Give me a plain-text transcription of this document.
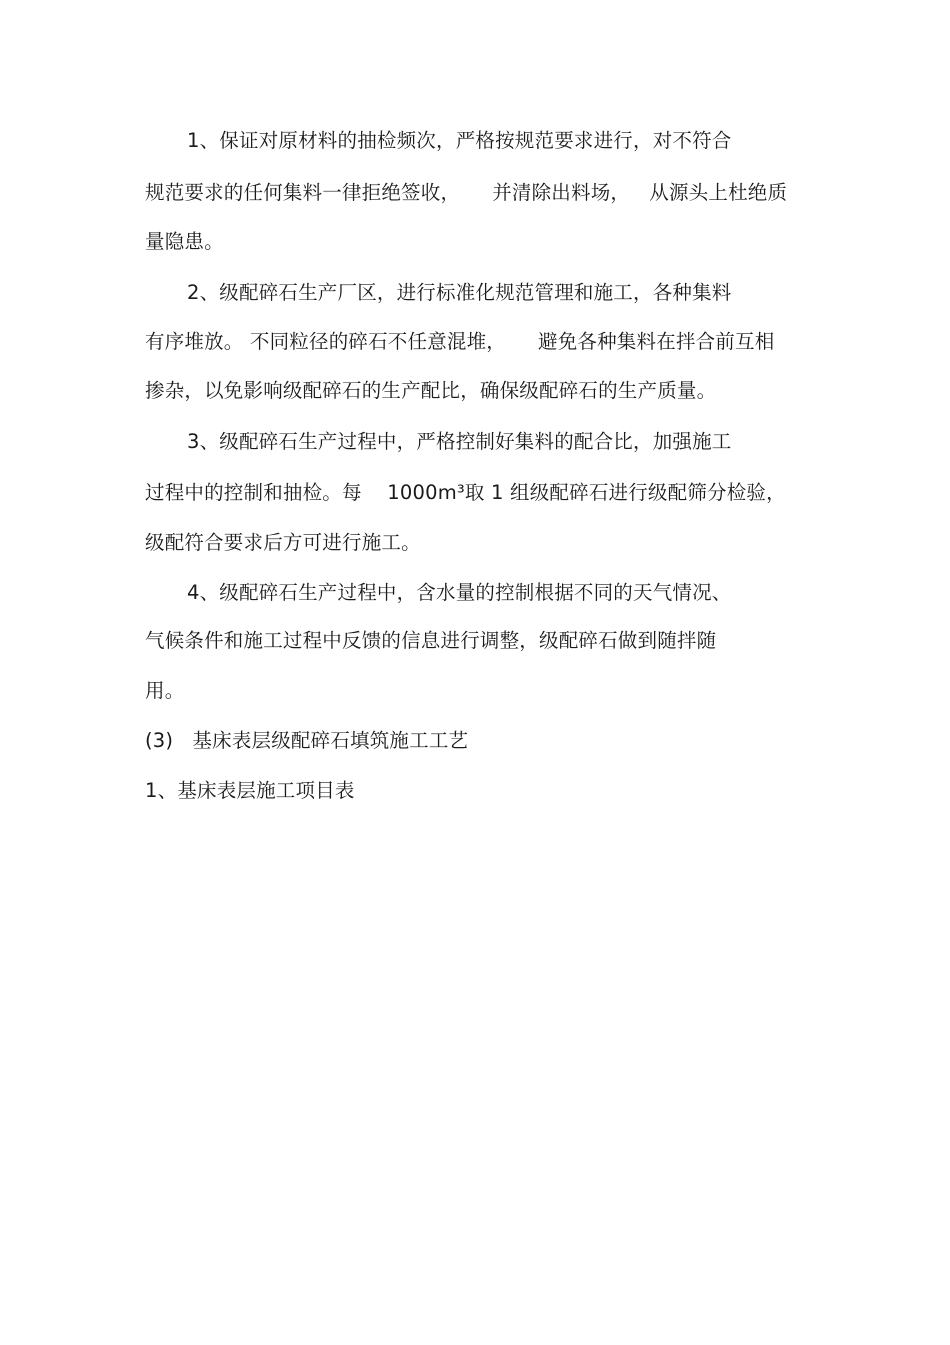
1、保证对原材料的抽检频次，严格按规范要求进行，对不符合
规范要求的任何集料一律拒绝签收，     并清除出料场，   从源头上杜绝质
量隐患。
2、级配碎石生产厂区，进行标准化规范管理和施工，各种集料
有序堆放。 不同粒径的碎石不任意混堆，     避免各种集料在拌合前互相
掺杂，以免影响级配碎石的生产配比，确保级配碎石的生产质量。
3、级配碎石生产过程中，严格控制好集料的配合比，加强施工
过程中的控制和抽检。每    1000m³取 1 组级配碎石进行级配筛分检验，
级配符合要求后方可进行施工。
4、级配碎石生产过程中，含水量的控制根据不同的天气情况、
气候条件和施工过程中反馈的信息进行调整，级配碎石做到随拌随
用。
(3)   基床表层级配碎石填筑施工工艺
1、基床表层施工项目表
